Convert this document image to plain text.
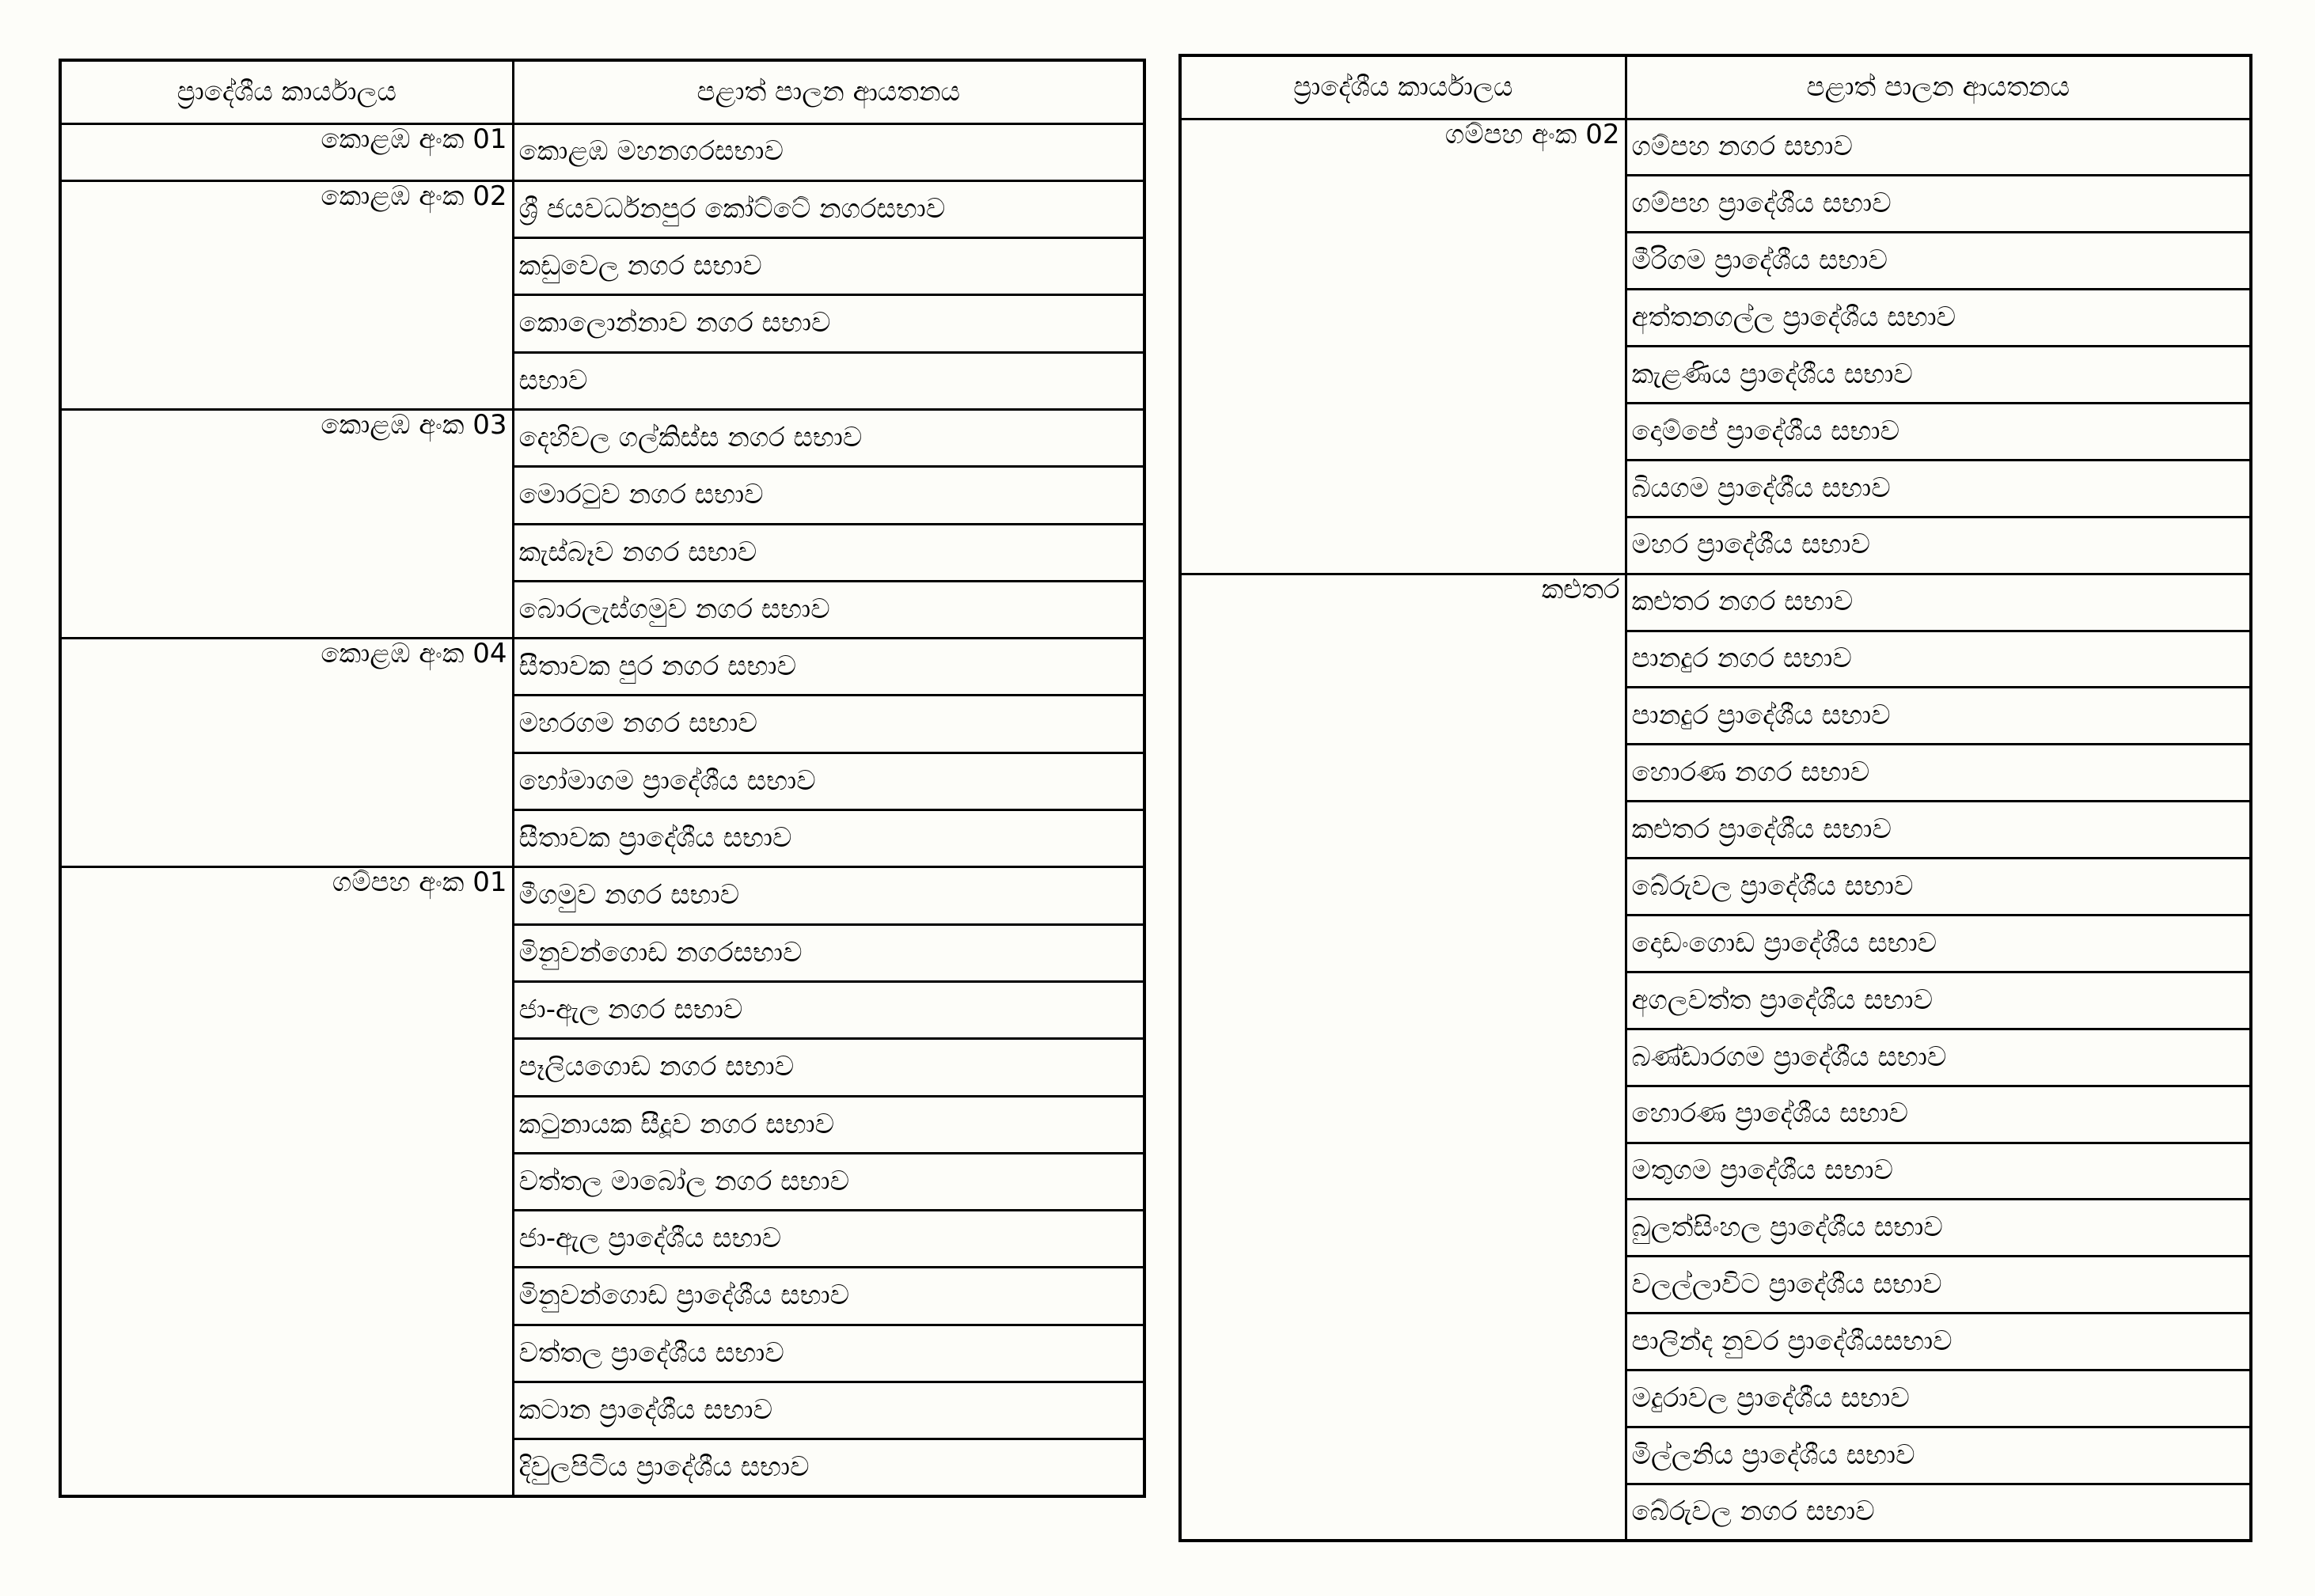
ප්‍රාදේශීය කාර්යාලය	පළාත් පාලන ආයතනය
කොළඹ අංක 01	කොළඹ මහනගරසභාව
කොළඹ අංක 02	ශ්‍රී ජයවර්ධනපුර කෝට්ටේ නගරසභාව
	කඩුවෙල නගර සභාව
	කොලොන්නාව නගර සභාව
	සභාව
කොළඹ අංක 03	දෙහිවල ගල්කිස්ස නගර සභාව
	මොරටුව නගර සභාව
	කැස්බෑව නගර සභාව
	බොරලැස්ගමුව නගර සභාව
කොළඹ අංක 04	සීතාවක පුර නගර සභාව
	මහරගම නගර සභාව
	හෝමාගම ප්‍රාදේශීය සභාව
	සීතාවක ප්‍රාදේශීය සභාව
ගම්පහ අංක 01	මීගමුව නගර සභාව
	මිනුවන්ගොඩ නගරසභාව
	ජා-ඇල නගර සභාව
	පෑලියගොඩ නගර සභාව
	කටුනායක සීදූව නගර සභාව
	වත්තල මාබෝල නගර සභාව
	ජා-ඇල ප්‍රාදේශීය සභාව
	මිනුවන්ගොඩ ප්‍රාදේශීය සභාව
	වත්තල ප්‍රාදේශීය සභාව
	කටාන ප්‍රාදේශීය සභාව
	දිවුලපිටිය ප්‍රාදේශීය සභාව
ප්‍රාදේශීය කාර්යාලය	පළාත් පාලන ආයතනය
ගම්පහ අංක 02	ගම්පහ නගර සභාව
	ගම්පහ ප්‍රාදේශීය සභාව
	මීරිගම ප්‍රාදේශීය සභාව
	අත්තනගල්ල ප්‍රාදේශීය සභාව
	කැළණිය ප්‍රාදේශීය සභාව
	දොම්පේ ප්‍රාදේශීය සභාව
	බියගම ප්‍රාදේශීය සභාව
	මහර ප්‍රාදේශීය සභාව
කළුතර	කළුතර නගර සභාව
	පානදුර නගර සභාව
	පානදුර ප්‍රාදේශීය සභාව
	හොරණ නගර සභාව
	කළුතර ප්‍රාදේශීය සභාව
	බේරුවල ප්‍රාදේශීය සභාව
	දොඩංගොඩ ප්‍රාදේශීය සභාව
	අගලවත්ත ප්‍රාදේශීය සභාව
	බණ්ඩාරගම ප්‍රාදේශීය සභාව
	හොරණ ප්‍රාදේශීය සභාව
	මතුගම ප්‍රාදේශීය සභාව
	බුලත්සිංහල ප්‍රාදේශීය සභාව
	වලල්ලාවිට ප්‍රාදේශීය සභාව
	පාලින්ද නුවර ප්‍රාදේශීයසභාව
	මදුරාවල ප්‍රාදේශීය සභාව
	මිල්ලනිය ප්‍රාදේශීය සභාව
	බේරුවල නගර සභාව
